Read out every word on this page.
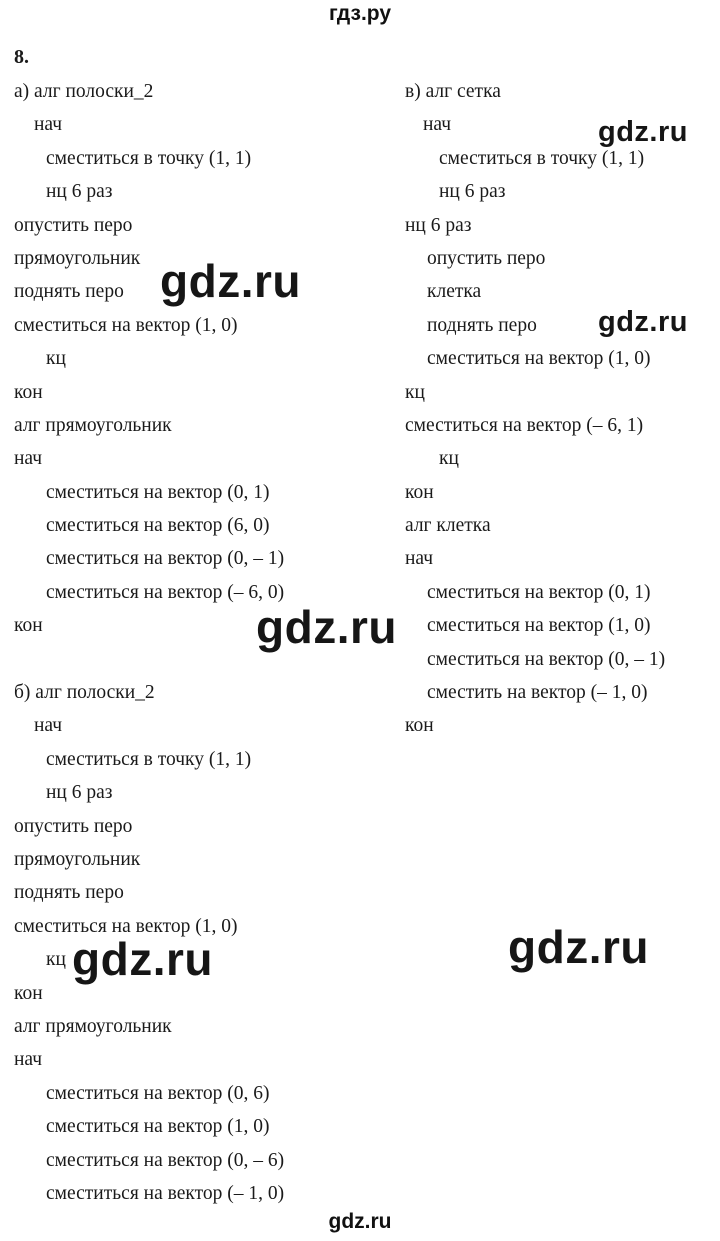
гдз.ру
8.
а) алг полоски_2
нач
сместиться в точку (1, 1)
нц 6 раз
опустить перо
прямоугольник
поднять перо
сместиться на вектор (1, 0)
кц
кон
алг прямоугольник
нач
сместиться на вектор (0, 1)
сместиться на вектор (6, 0)
сместиться на вектор (0, – 1)
сместиться на вектор (– 6, 0)
кон
б) алг полоски_2
нач
сместиться в точку (1, 1)
нц 6 раз
опустить перо
прямоугольник
поднять перо
сместиться на вектор (1, 0)
кц
кон
алг прямоугольник
нач
сместиться на вектор (0, 6)
сместиться на вектор (1, 0)
сместиться на вектор (0, – 6)
сместиться на вектор (– 1, 0)
в) алг сетка
нач
сместиться в точку (1, 1)
нц 6 раз
нц 6 раз
опустить перо
клетка
поднять перо
сместиться на вектор (1, 0)
кц
сместиться на вектор (– 6, 1)
кц
кон
алг клетка
нач
сместиться на вектор (0, 1)
сместиться на вектор (1, 0)
сместиться на вектор (0, – 1)
сместить на вектор (– 1, 0)
кон
gdz.ru
gdz.ru
gdz.ru
gdz.ru
gdz.ru	gdz.ru
gdz.ru
